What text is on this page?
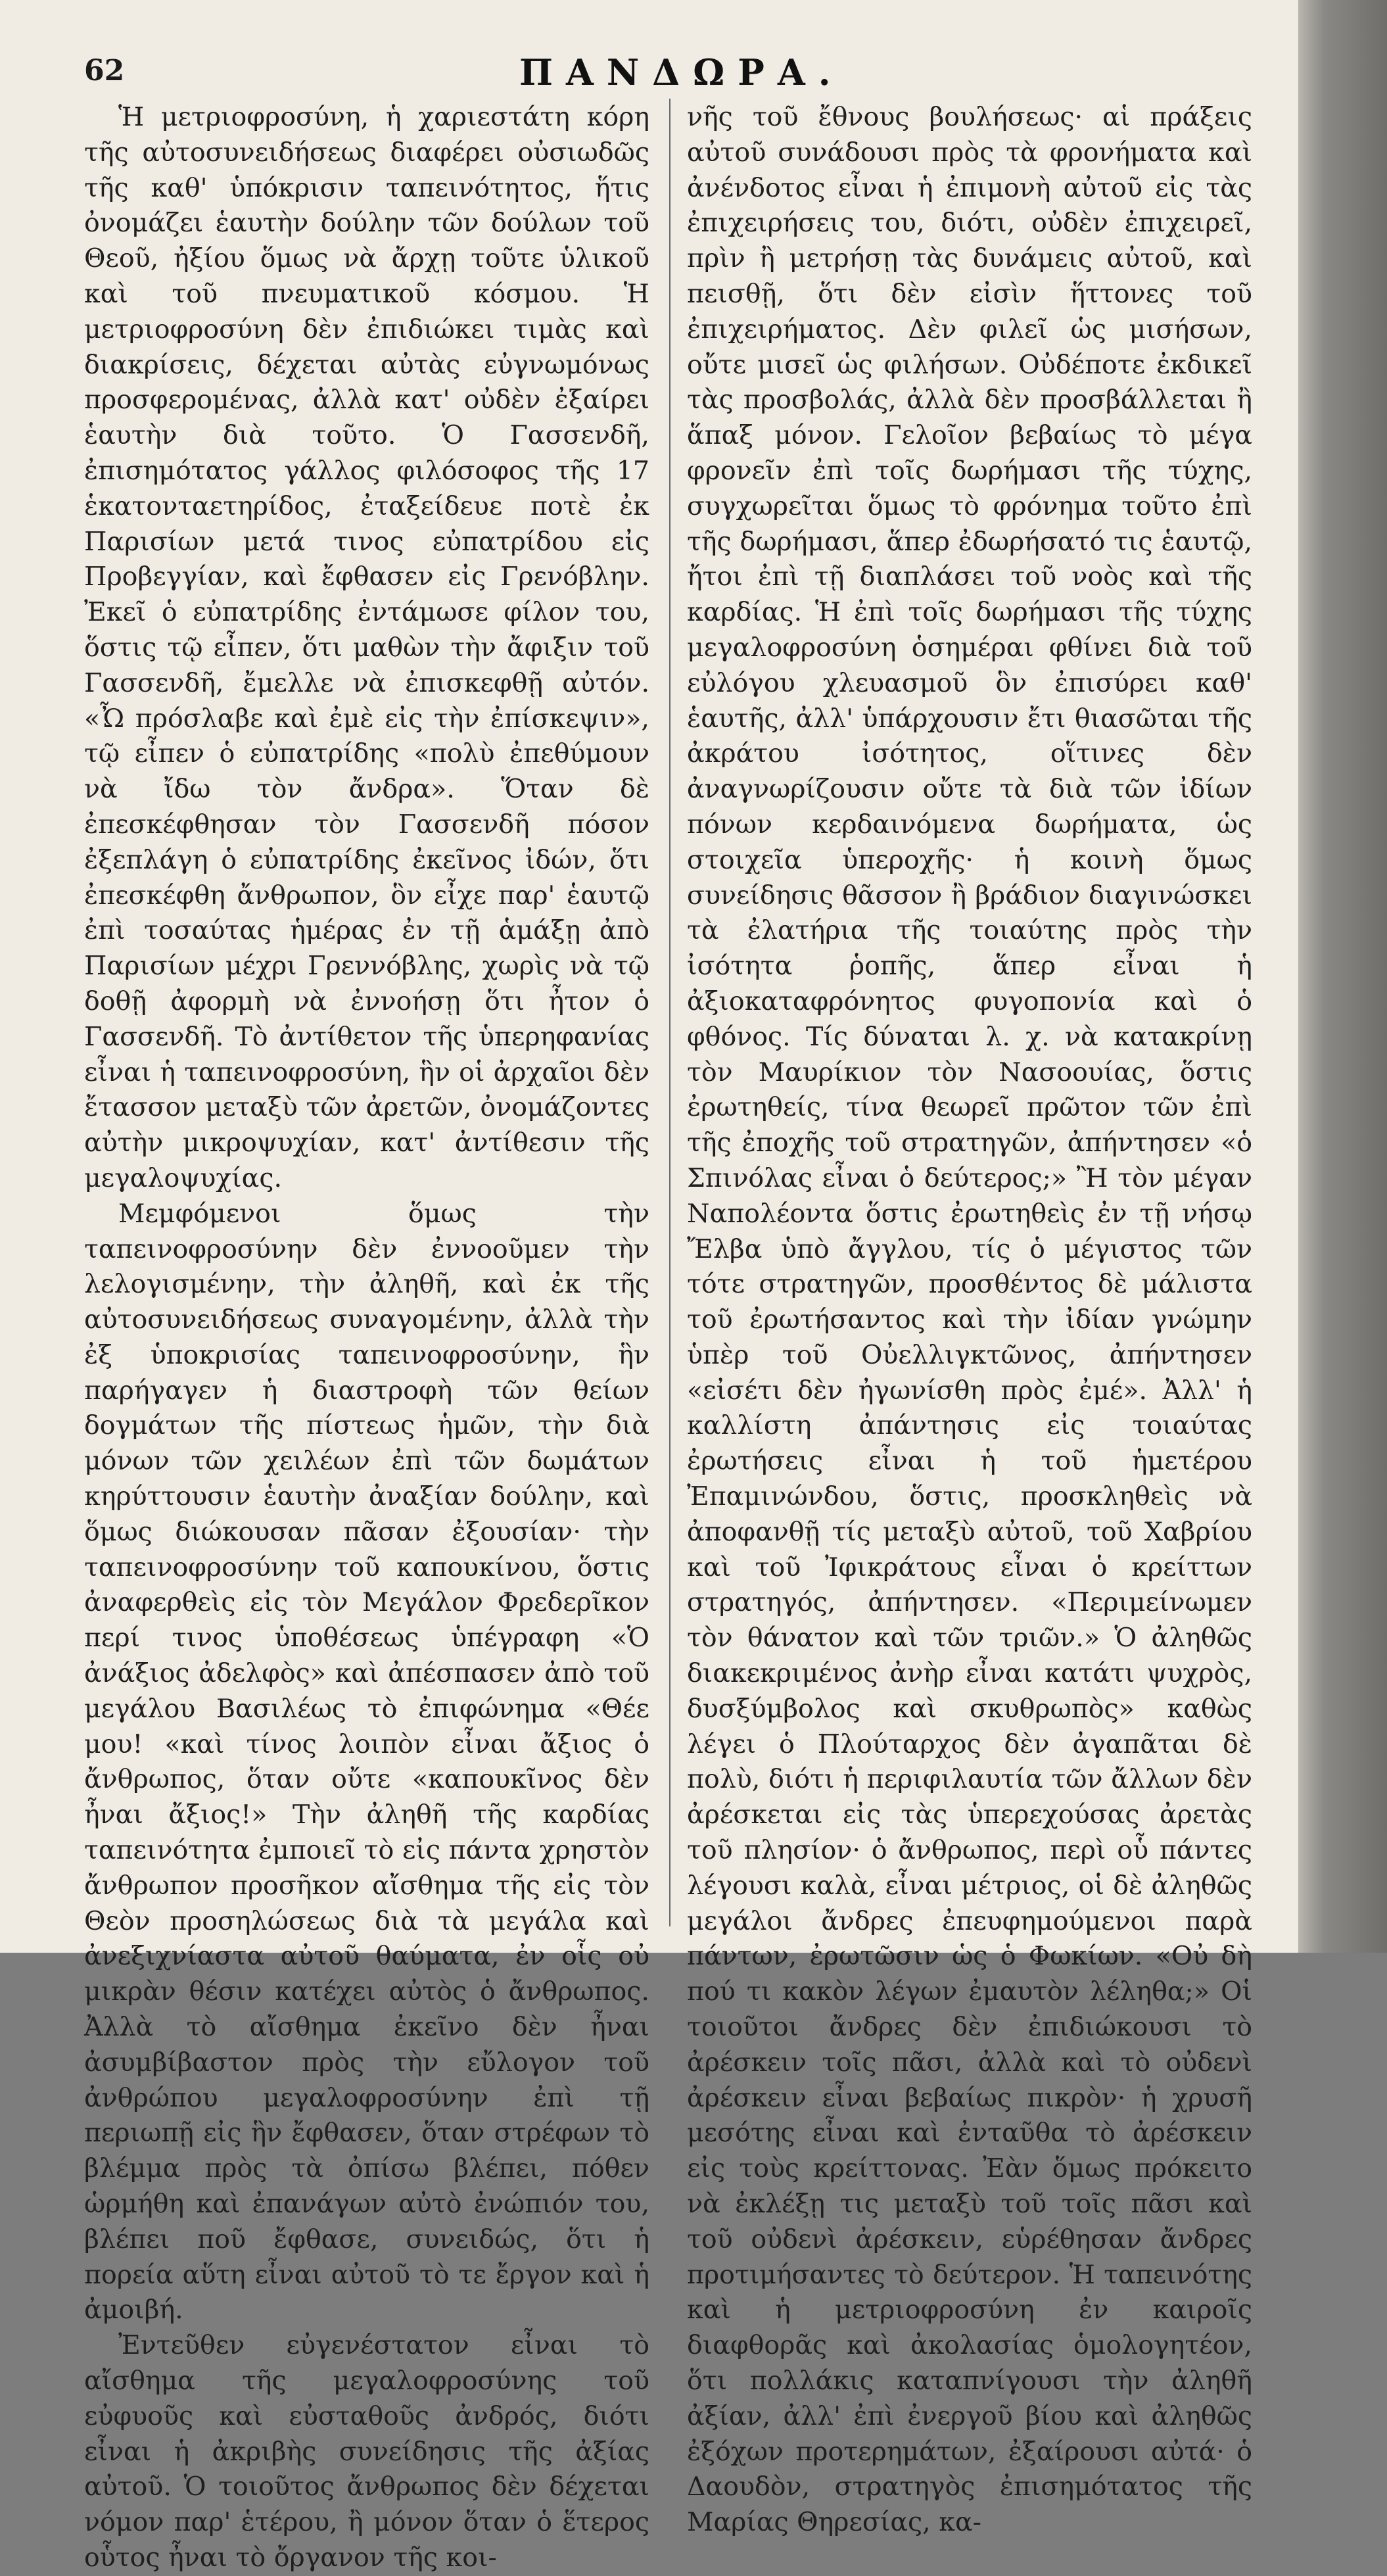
62	ΠΑΝΔΩΡΑ.

Ἡ μετριοφροσύνη, ἡ χαριεστάτη κόρη τῆς αὐτοσυνειδήσεως διαφέρει οὐσιωδῶς τῆς καθ' ὑπόκρισιν ταπεινότητος, ἥτις ὀνομάζει ἑαυτὴν δούλην τῶν δούλων τοῦ Θεοῦ, ἠξίου ὅμως νὰ ἄρχῃ τοῦτε ὑλικοῦ καὶ τοῦ πνευματικοῦ κόσμου. Ἡ μετριοφροσύνη δὲν ἐπιδιώκει τιμὰς καὶ διακρίσεις, δέχεται αὐτὰς εὐγνωμόνως προσφερομένας, ἀλλὰ κατ' οὐδὲν ἐξαίρει ἑαυτὴν διὰ τοῦτο. Ὁ Γασσενδῆ, ἐπισημότατος γάλλος φιλόσοφος τῆς 17 ἑκατονταετηρίδος, ἐταξείδευε ποτὲ ἐκ Παρισίων μετά τινος εὐπατρίδου εἰς Προβεγγίαν, καὶ ἔφθασεν εἰς Γρενόβλην. Ἐκεῖ ὁ εὐπατρίδης ἐντάμωσε φίλον του, ὅστις τῷ εἶπεν, ὅτι μαθὼν τὴν ἄφιξιν τοῦ Γασσενδῆ, ἔμελλε νὰ ἐπισκεφθῇ αὐτόν. «Ὦ πρόσλαβε καὶ ἐμὲ εἰς τὴν ἐπίσκεψιν», τῷ εἶπεν ὁ εὐπατρίδης «πολὺ ἐπεθύμουν νὰ ἴδω τὸν ἄνδρα». Ὅταν δὲ ἐπεσκέφθησαν τὸν Γασσενδῆ πόσον ἐξεπλάγη ὁ εὐπατρίδης ἐκεῖνος ἰδών, ὅτι ἐπεσκέφθη ἄνθρωπον, ὃν εἶχε παρ' ἑαυτῷ ἐπὶ τοσαύτας ἡμέρας ἐν τῇ ἁμάξῃ ἀπὸ Παρισίων μέχρι Γρεννόβλης, χωρὶς νὰ τῷ δοθῇ ἀφορμὴ νὰ ἐννοήσῃ ὅτι ἦτον ὁ Γασσενδῆ. Τὸ ἀντίθετον τῆς ὑπερηφανίας εἶναι ἡ ταπεινοφροσύνη, ἣν οἱ ἀρχαῖοι δὲν ἔτασσον μεταξὺ τῶν ἀρετῶν, ὀνομάζοντες αὐτὴν μικροψυχίαν, κατ' ἀντίθεσιν τῆς μεγαλοψυχίας.

Μεμφόμενοι ὅμως τὴν ταπεινοφροσύνην δὲν ἐννοοῦμεν τὴν λελογισμένην, τὴν ἀληθῆ, καὶ ἐκ τῆς αὐτοσυνειδήσεως συναγομένην, ἀλλὰ τὴν ἐξ ὑποκρισίας ταπεινοφροσύνην, ἣν παρήγαγεν ἡ διαστροφὴ τῶν θείων δογμάτων τῆς πίστεως ἡμῶν, τὴν διὰ μόνων τῶν χειλέων ἐπὶ τῶν δωμάτων κηρύττουσιν ἑαυτὴν ἀναξίαν δούλην, καὶ ὅμως διώκουσαν πᾶσαν ἐξουσίαν· τὴν ταπεινοφροσύνην τοῦ καπουκίνου, ὅστις ἀναφερθεὶς εἰς τὸν Μεγάλον Φρεδερῖκον περί τινος ὑποθέσεως ὑπέγραφη «Ὁ ἀνάξιος ἀδελφὸς» καὶ ἀπέσπασεν ἀπὸ τοῦ μεγάλου Βασιλέως τὸ ἐπιφώνημα «Θέε μου! «καὶ τίνος λοιπὸν εἶναι ἄξιος ὁ ἄνθρωπος, ὅταν οὔτε «καπουκῖνος δὲν ἦναι ἄξιος!» Τὴν ἀληθῆ τῆς καρδίας ταπεινότητα ἐμποιεῖ τὸ εἰς πάντα χρηστὸν ἄνθρωπον προσῆκον αἴσθημα τῆς εἰς τὸν Θεὸν προσηλώσεως διὰ τὰ μεγάλα καὶ ἀνεξιχνίαστα αὐτοῦ θαύματα, ἐν οἷς οὐ μικρὰν θέσιν κατέχει αὐτὸς ὁ ἄνθρωπος. Ἀλλὰ τὸ αἴσθημα ἐκεῖνο δὲν ἦναι ἀσυμβίβαστον πρὸς τὴν εὔλογον τοῦ ἀνθρώπου μεγαλοφροσύνην ἐπὶ τῇ περιωπῇ εἰς ἣν ἔφθασεν, ὅταν στρέφων τὸ βλέμμα πρὸς τὰ ὀπίσω βλέπει, πόθεν ὡρμήθη καὶ ἐπανάγων αὐτὸ ἐνώπιόν του, βλέπει ποῦ ἔφθασε, συνειδώς, ὅτι ἡ πορεία αὕτη εἶναι αὐτοῦ τὸ τε ἔργον καὶ ἡ ἀμοιβή.

Ἐντεῦθεν εὐγενέστατον εἶναι τὸ αἴσθημα τῆς μεγαλοφροσύνης τοῦ εὐφυοῦς καὶ εὐσταθοῦς ἀνδρός, διότι εἶναι ἡ ἀκριβὴς συνείδησις τῆς ἀξίας αὐτοῦ. Ὁ τοιοῦτος ἄνθρωπος δὲν δέχεται νόμον παρ' ἑτέρου, ἢ μόνον ὅταν ὁ ἕτερος οὗτος ἦναι τὸ ὄργανον τῆς κοι-

νῆς τοῦ ἔθνους βουλήσεως· αἱ πράξεις αὐτοῦ συνάδουσι πρὸς τὰ φρονήματα καὶ ἀνένδοτος εἶναι ἡ ἐπιμονὴ αὐτοῦ εἰς τὰς ἐπιχειρήσεις του, διότι, οὐδὲν ἐπιχειρεῖ, πρὶν ἢ μετρήσῃ τὰς δυνάμεις αὐτοῦ, καὶ πεισθῇ, ὅτι δὲν εἰσὶν ἥττονες τοῦ ἐπιχειρήματος. Δὲν φιλεῖ ὡς μισήσων, οὔτε μισεῖ ὡς φιλήσων. Οὐδέποτε ἐκδικεῖ τὰς προσβολάς, ἀλλὰ δὲν προσβάλλεται ἢ ἅπαξ μόνον. Γελοῖον βεβαίως τὸ μέγα φρονεῖν ἐπὶ τοῖς δωρήμασι τῆς τύχης, συγχωρεῖται ὅμως τὸ φρόνημα τοῦτο ἐπὶ τῆς δωρήμασι, ἅπερ ἐδωρήσατό τις ἑαυτῷ, ἤτοι ἐπὶ τῇ διαπλάσει τοῦ νοὸς καὶ τῆς καρδίας. Ἡ ἐπὶ τοῖς δωρήμασι τῆς τύχης μεγαλοφροσύνη ὁσημέραι φθίνει διὰ τοῦ εὐλόγου χλευασμοῦ ὃν ἐπισύρει καθ' ἑαυτῆς, ἀλλ' ὑπάρχουσιν ἔτι θιασῶται τῆς ἀκράτου ἰσότητος, οἵτινες δὲν ἀναγνωρίζουσιν οὔτε τὰ διὰ τῶν ἰδίων πόνων κερδαινόμενα δωρήματα, ὡς στοιχεῖα ὑπεροχῆς· ἡ κοινὴ ὅμως συνείδησις θᾶσσον ἢ βράδιον διαγινώσκει τὰ ἐλατήρια τῆς τοιαύτης πρὸς τὴν ἰσότητα ῥοπῆς, ἅπερ εἶναι ἡ ἀξιοκαταφρόνητος φυγοπονία καὶ ὁ φθόνος. Τίς δύναται λ. χ. νὰ κατακρίνῃ τὸν Μαυρίκιον τὸν Νασοουίας, ὅστις ἐρωτηθείς, τίνα θεωρεῖ πρῶτον τῶν ἐπὶ τῆς ἐποχῆς τοῦ στρατηγῶν, ἀπήντησεν «ὁ Σπινόλας εἶναι ὁ δεύτερος;» Ἢ τὸν μέγαν Ναπολέοντα ὅστις ἐρωτηθεὶς ἐν τῇ νήσῳ Ἔλβα ὑπὸ ἄγγλου, τίς ὁ μέγιστος τῶν τότε στρατηγῶν, προσθέντος δὲ μάλιστα τοῦ ἐρωτήσαντος καὶ τὴν ἰδίαν γνώμην ὑπὲρ τοῦ Οὐελλιγκτῶνος, ἀπήντησεν «εἰσέτι δὲν ἠγωνίσθη πρὸς ἐμέ». Ἀλλ' ἡ καλλίστη ἀπάντησις εἰς τοιαύτας ἐρωτήσεις εἶναι ἡ τοῦ ἡμετέρου Ἐπαμινώνδου, ὅστις, προσκληθεὶς νὰ ἀποφανθῇ τίς μεταξὺ αὐτοῦ, τοῦ Χαβρίου καὶ τοῦ Ἰφικράτους εἶναι ὁ κρείττων στρατηγός, ἀπήντησεν. «Περιμείνωμεν τὸν θάνατον καὶ τῶν τριῶν.» Ὁ ἀληθῶς διακεκριμένος ἀνὴρ εἶναι κατάτι ψυχρὸς, δυσξύμβολος καὶ σκυθρωπὸς» καθὼς λέγει ὁ Πλούταρχος δὲν ἀγαπᾶται δὲ πολὺ, διότι ἡ περιφιλαυτία τῶν ἄλλων δὲν ἀρέσκεται εἰς τὰς ὑπερεχούσας ἀρετὰς τοῦ πλησίον· ὁ ἄνθρωπος, περὶ οὗ πάντες λέγουσι καλὰ, εἶναι μέτριος, οἱ δὲ ἀληθῶς μεγάλοι ἄνδρες ἐπευφημούμενοι παρὰ πάντων, ἐρωτῶσιν ὡς ὁ Φωκίων. «Οὐ δὴ πού τι κακὸν λέγων ἐμαυτὸν λέληθα;» Οἱ τοιοῦτοι ἄνδρες δὲν ἐπιδιώκουσι τὸ ἀρέσκειν τοῖς πᾶσι, ἀλλὰ καὶ τὸ οὐδενὶ ἀρέσκειν εἶναι βεβαίως πικρὸν· ἡ χρυσῆ μεσότης εἶναι καὶ ἐνταῦθα τὸ ἀρέσκειν εἰς τοὺς κρείττονας. Ἐὰν ὅμως πρόκειτο νὰ ἐκλέξῃ τις μεταξὺ τοῦ τοῖς πᾶσι καὶ τοῦ οὐδενὶ ἀρέσκειν, εὑρέθησαν ἄνδρες προτιμήσαντες τὸ δεύτερον. Ἡ ταπεινότης καὶ ἡ μετριοφροσύνη ἐν καιροῖς διαφθορᾶς καὶ ἀκολασίας ὁμολογητέον, ὅτι πολλάκις καταπνίγουσι τὴν ἀληθῆ ἀξίαν, ἀλλ' ἐπὶ ἐνεργοῦ βίου καὶ ἀληθῶς ἐξόχων προτερημάτων, ἐξαίρουσι αὐτά· ὁ Δαουδὸν, στρατηγὸς ἐπισημότατος τῆς Μαρίας Θηρεσίας, κα-
